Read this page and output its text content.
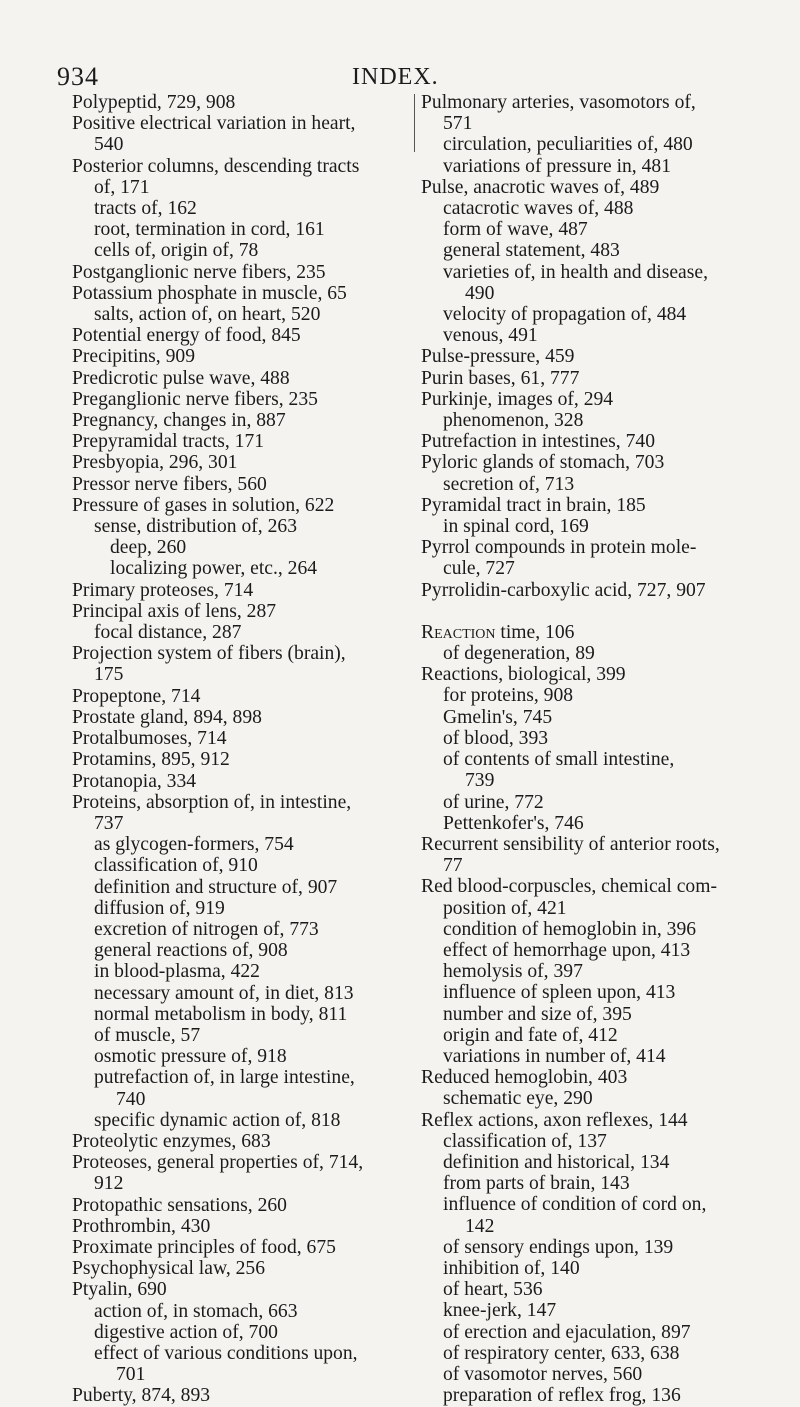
934	INDEX.
Polypeptid, 729, 908
Positive electrical variation in heart,
540
Posterior columns, descending tracts
of, 171
tracts of, 162
root, termination in cord, 161
cells of, origin of, 78
Postganglionic nerve fibers, 235
Potassium phosphate in muscle, 65
salts, action of, on heart, 520
Potential energy of food, 845
Precipitins, 909
Predicrotic pulse wave, 488
Preganglionic nerve fibers, 235
Pregnancy, changes in, 887
Prepyramidal tracts, 171
Presbyopia, 296, 301
Pressor nerve fibers, 560
Pressure of gases in solution, 622
sense, distribution of, 263
deep, 260
localizing power, etc., 264
Primary proteoses, 714
Principal axis of lens, 287
focal distance, 287
Projection system of fibers (brain),
175
Propeptone, 714
Prostate gland, 894, 898
Protalbumoses, 714
Protamins, 895, 912
Protanopia, 334
Proteins, absorption of, in intestine,
737
as glycogen-formers, 754
classification of, 910
definition and structure of, 907
diffusion of, 919
excretion of nitrogen of, 773
general reactions of, 908
in blood-plasma, 422
necessary amount of, in diet, 813
normal metabolism in body, 811
of muscle, 57
osmotic pressure of, 918
putrefaction of, in large intestine,
740
specific dynamic action of, 818
Proteolytic enzymes, 683
Proteoses, general properties of, 714,
912
Protopathic sensations, 260
Prothrombin, 430
Proximate principles of food, 675
Psychophysical law, 256
Ptyalin, 690
action of, in stomach, 663
digestive action of, 700
effect of various conditions upon,
701
Puberty, 874, 893
Pulmonary arteries, vasomotors of,
571
circulation, peculiarities of, 480
variations of pressure in, 481
Pulse, anacrotic waves of, 489
catacrotic waves of, 488
form of wave, 487
general statement, 483
varieties of, in health and disease,
490
velocity of propagation of, 484
venous, 491
Pulse-pressure, 459
Purin bases, 61, 777
Purkinje, images of, 294
phenomenon, 328
Putrefaction in intestines, 740
Pyloric glands of stomach, 703
secretion of, 713
Pyramidal tract in brain, 185
in spinal cord, 169
Pyrrol compounds in protein mole-
cule, 727
Pyrrolidin-carboxylic acid, 727, 907
Reaction time, 106
of degeneration, 89
Reactions, biological, 399
for proteins, 908
Gmelin's, 745
of blood, 393
of contents of small intestine,
739
of urine, 772
Pettenkofer's, 746
Recurrent sensibility of anterior roots,
77
Red blood-corpuscles, chemical com-
position of, 421
condition of hemoglobin in, 396
effect of hemorrhage upon, 413
hemolysis of, 397
influence of spleen upon, 413
number and size of, 395
origin and fate of, 412
variations in number of, 414
Reduced hemoglobin, 403
schematic eye, 290
Reflex actions, axon reflexes, 144
classification of, 137
definition and historical, 134
from parts of brain, 143
influence of condition of cord on,
142
of sensory endings upon, 139
inhibition of, 140
of heart, 536
knee-jerk, 147
of erection and ejaculation, 897
of respiratory center, 633, 638
of vasomotor nerves, 560
preparation of reflex frog, 136
